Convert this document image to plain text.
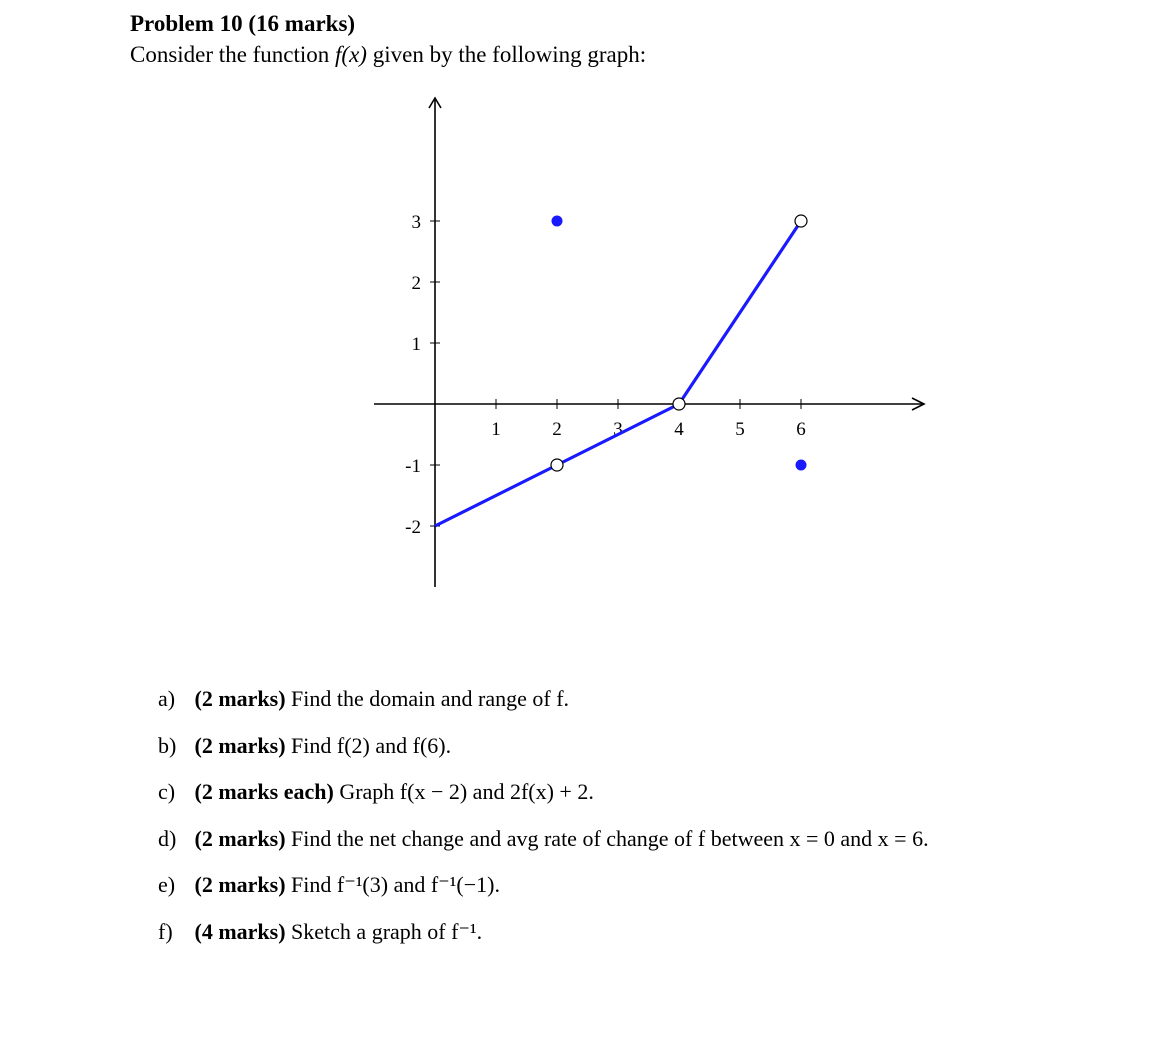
Problem 10 (16 marks)
Consider the function f(x) given by the following graph:
1	2	3	4	5	6
3
2
1
-1
-2
a) (2 marks) Find the domain and range of f.
b) (2 marks) Find f(2) and f(6).
c) (2 marks each) Graph f(x − 2) and 2f(x) + 2.
d) (2 marks) Find the net change and avg rate of change of f between x = 0 and x = 6.
e) (2 marks) Find f⁻¹(3) and f⁻¹(−1).
f) (4 marks) Sketch a graph of f⁻¹.
